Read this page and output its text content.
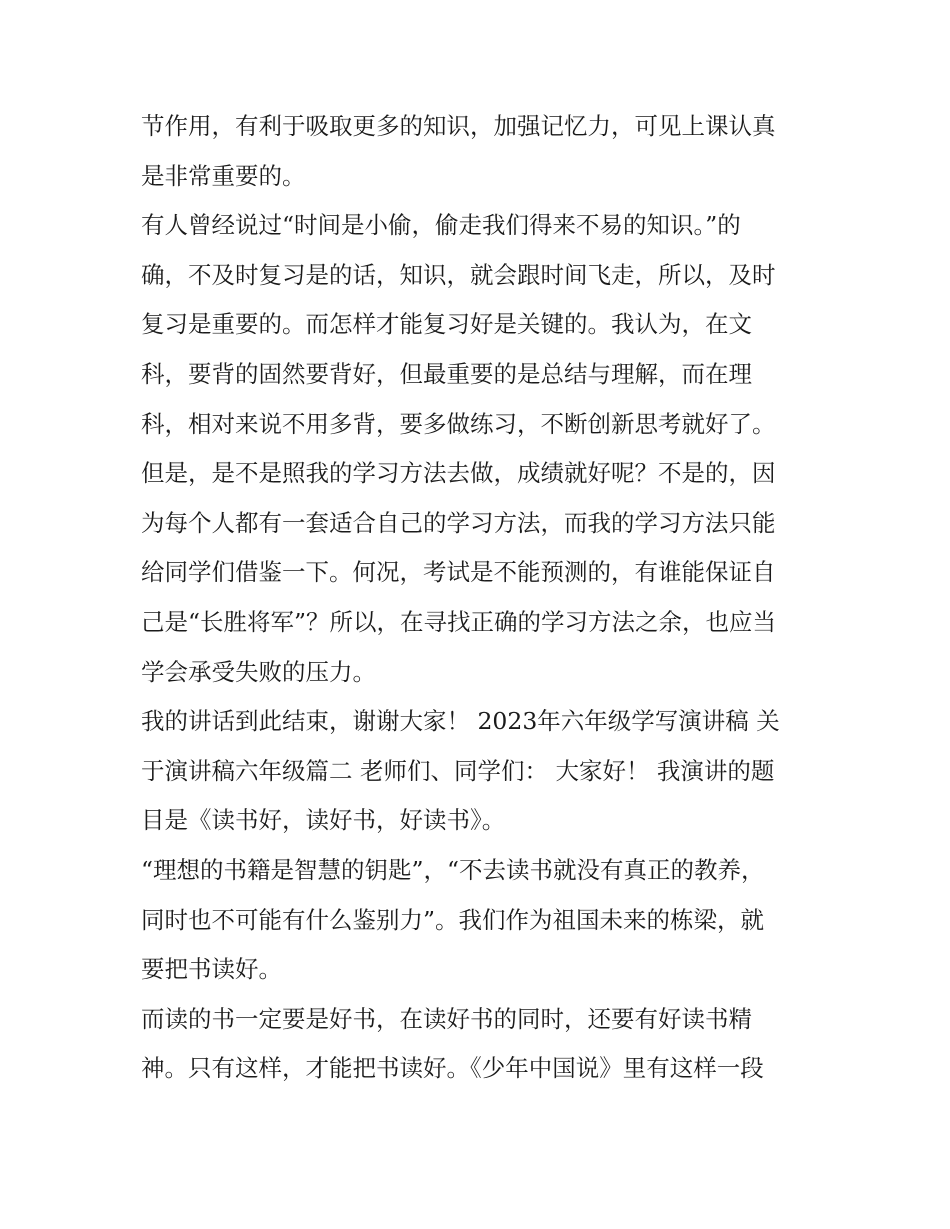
节作用，有利于吸取更多的知识，加强记忆力，可见上课认真
是非常重要的。
有人曾经说过“时间是小偷，偷走我们得来不易的知识。”的
确，不及时复习是的话，知识，就会跟时间飞走，所以，及时
复习是重要的。而怎样才能复习好是关键的。我认为，在文
科，要背的固然要背好，但最重要的是总结与理解，而在理
科，相对来说不用多背，要多做练习，不断创新思考就好了。
但是，是不是照我的学习方法去做，成绩就好呢？不是的，因
为每个人都有一套适合自己的学习方法，而我的学习方法只能
给同学们借鉴一下。何况，考试是不能预测的，有谁能保证自
己是“长胜将军”？所以，在寻找正确的学习方法之余，也应当
学会承受失败的压力。
我的讲话到此结束，谢谢大家！ 2023年六年级学写演讲稿 关
于演讲稿六年级篇二 老师们、同学们： 大家好！ 我演讲的题
目是《读书好，读好书，好读书》。
“理想的书籍是智慧的钥匙”，“不去读书就没有真正的教养，
同时也不可能有什么鉴别力”。我们作为祖国未来的栋梁，就
要把书读好。
而读的书一定要是好书，在读好书的同时，还要有好读书精
神。只有这样，才能把书读好。《少年中国说》里有这样一段
